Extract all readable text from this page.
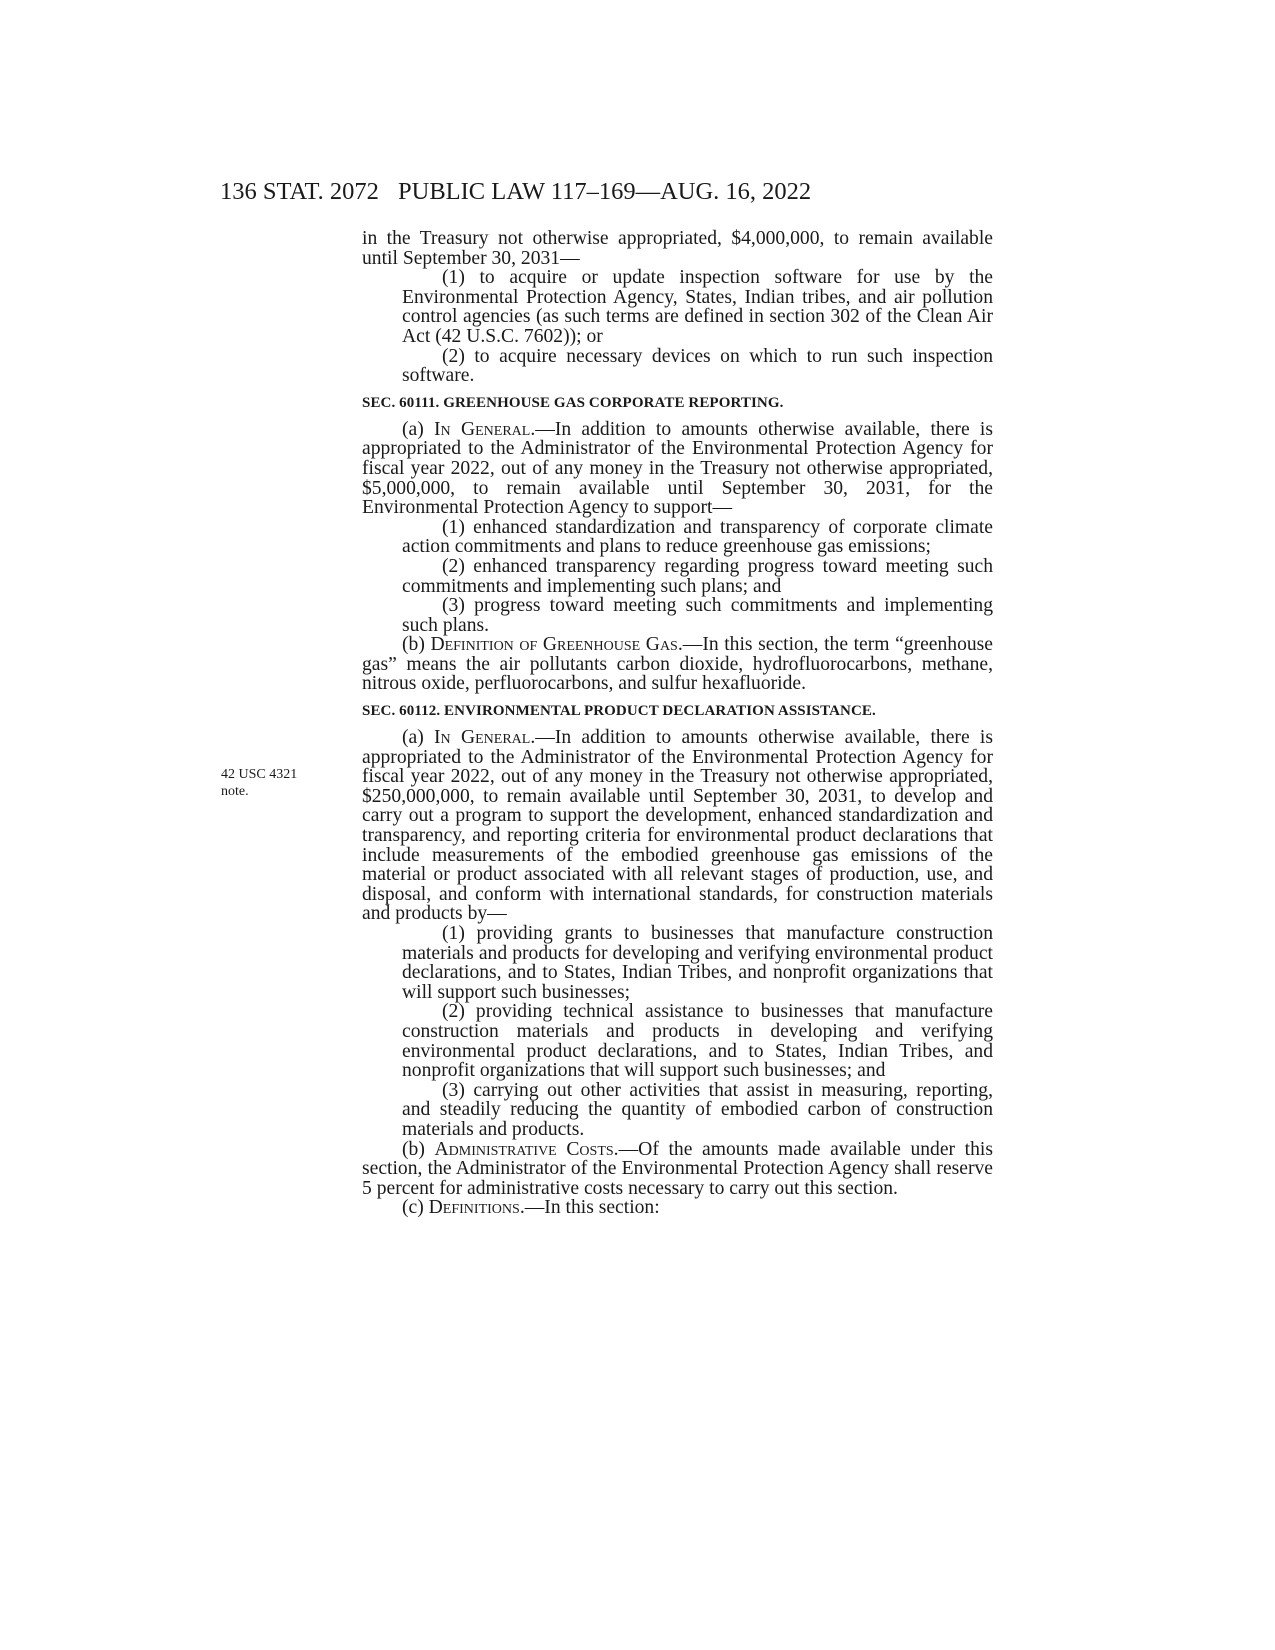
136 STAT. 2072 PUBLIC LAW 117–169—AUG. 16, 2022
42 USC 4321
note.

in the Treasury not otherwise appropriated, $4,000,000, to remain available until September 30, 2031—

(1) to acquire or update inspection software for use by the Environmental Protection Agency, States, Indian tribes, and air pollution control agencies (as such terms are defined in section 302 of the Clean Air Act (42 U.S.C. 7602)); or
(2) to acquire necessary devices on which to run such inspection software.
SEC. 60111. GREENHOUSE GAS CORPORATE REPORTING.

(a) In General.—In addition to amounts otherwise available, there is appropriated to the Administrator of the Environmental Protection Agency for fiscal year 2022, out of any money in the Treasury not otherwise appropriated, $5,000,000, to remain available until September 30, 2031, for the Environmental Protection Agency to support—

(1) enhanced standardization and transparency of corporate climate action commitments and plans to reduce greenhouse gas emissions;
(2) enhanced transparency regarding progress toward meeting such commitments and implementing such plans; and
(3) progress toward meeting such commitments and implementing such plans.

(b) Definition of Greenhouse Gas.—In this section, the term “greenhouse gas” means the air pollutants carbon dioxide, hydrofluorocarbons, methane, nitrous oxide, perfluorocarbons, and sulfur hexafluoride.

SEC. 60112. ENVIRONMENTAL PRODUCT DECLARATION ASSISTANCE.

(a) In General.—In addition to amounts otherwise available, there is appropriated to the Administrator of the Environmental Protection Agency for fiscal year 2022, out of any money in the Treasury not otherwise appropriated, $250,000,000, to remain available until September 30, 2031, to develop and carry out a program to support the development, enhanced standardization and transparency, and reporting criteria for environmental product declarations that include measurements of the embodied greenhouse gas emissions of the material or product associated with all relevant stages of production, use, and disposal, and conform with international standards, for construction materials and products by—

(1) providing grants to businesses that manufacture construction materials and products for developing and verifying environmental product declarations, and to States, Indian Tribes, and nonprofit organizations that will support such businesses;
(2) providing technical assistance to businesses that manufacture construction materials and products in developing and verifying environmental product declarations, and to States, Indian Tribes, and nonprofit organizations that will support such businesses; and
(3) carrying out other activities that assist in measuring, reporting, and steadily reducing the quantity of embodied carbon of construction materials and products.

(b) Administrative Costs.—Of the amounts made available under this section, the Administrator of the Environmental Protection Agency shall reserve 5 percent for administrative costs necessary to carry out this section.

(c) Definitions.—In this section:
